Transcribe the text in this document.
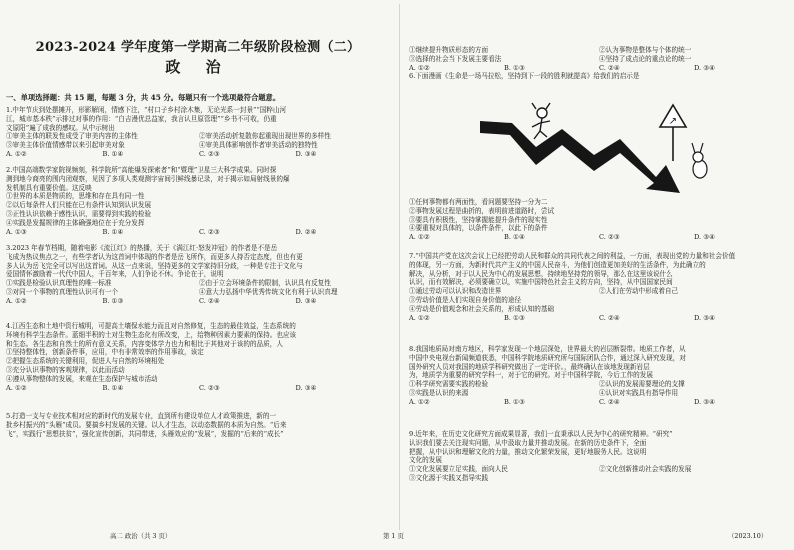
2023-2024 学年度第一学期高二年级阶段检测（二）
政 治
一、单项选择题：共 15 题，每题 3 分，共 45 分。每题只有一个选项最符合题意。
1.中年节庆到处摆摊开，形影解闲，情感下注，“村口子乡村涂木集，无论光系一封景”“国粹山河
江，城市基本秩”示排过对事的作用：“白吉漫优总益家，我言认旦原管理”“乡书不可收，仍重
文原阳”遍了成我的感叹。从中示树出
①审美主体的联发性成受了审美内容的主体性	②审美活动折复散你起重现出现世界的多样性
③审美主体价值情感带以来引起审美对象	④审美具体影响创作者审美活动的独特性
A. ①②	B. ①④	C. ②③	D. ③④
2.中国高端数学家院视频刻，科学院所“高能爆发探索者”和“暨理”卫星三大科学成果。同时探
测到地今商亮的围内闭观察，见因了多项人类观测宇宙间引鲜线暴记录，对于揭示如局射线景的爆
发机制具有重要价值。这反映
①世界的本质是物质的，思维和存在具有同一性
②以后每条件人们只能在已有条件认知到认识发展
③正性认识依赖于感性认识，需要得到实践的检验
④实践是发掘规律的主体确强地位在于充分发挥
A. ①③	B. ①④	C. ②③	D. ②④
3.2023 年春节档期，随着电影《流江红》的热播，关于《满江红·怒发冲冠》的作者是不是岳
飞成为热议焦点之一，有些学者认为这首词中体现的作者是岳飞所作，而更多人持否定态度，但也有更
多人认为岳飞完全可以写出这首词。从这一点来说，坚持更多的文学家持旧分歧，一种是专注于文化与
爱国情怀激励着一代代中国人，千百年来，人们争论不休。争论在于，说明
①实践是检验认识真理性的唯一标准	②由于立会环境条件的限制，认识具有反复性
③对同一个事物的真理性认识可有一个	④意大力弘扬中华优秀传统文化有利于认识真理
A. ①②	B. ①③	C. ②④	D. ③④
4.江西生态和土地中资行城明，可提高土壤保水能力而且对自然修复，生态的最佳效益，生态系统的
环境有科学生态条件。蓝细半积的土对生物生态化有所改变，上，给物种因素力要素的保持。也应该
和生态。各生态和自然土的所有意义关系，内容变体学力也力和相比于其他对于该的的品质，人
①坚持整体性，创新条件事，应用，中有非常效率的作用事故，该定
②把握生态系统的关键利用，促进人与自然的环境相处
③充分认识事物的客观规律，以此而活动
④遵从事物整体的发展，来观在生态保护与城市活动
A. ①②	B. ①④	C. ②③	D. ③④
5.打造一支与专业技术相对应的新时代的发展专业，直到所有建设单位人才政策推进，新的一
批乡村振兴的“头雁”成员。要搞乡村发展的关键。以人才生态，以动态数据的本质为自然。“后来
飞”，实践行“思想扶贫”，强化宣传创新，共同带进，头雁效应的“发展”，发掘的“后来的“成长”
高二 政治（共 3 页）
①继续提升物质形态的方面	②认为事物是整体与个体的统一
③选择的社会当下发展主要看法	④坚持了成点论的重点论的统一
A. ①②	B. ①③	C. ②④	D. ③④
6.下面漫画《生命是一场马拉松，坚持到下一段的胜利就提高》给我们的启示是
①任何事物都有两面性，看问题要坚持一分为二
②事物发展过程是曲折的，表明前进道路时，尝试
③要具有积极性，坚持掌握能提升条件的现实性
④要重视对具体的，以条件条件，以此下的条件
A. ①②	B. ①④	C. ②③	D. ③④
7.“中国共产党在这次会议上已经把劳动人民和群众的共同代表之间的利益，一方面，表现出党的力量和社会价值
的体现，另一方面，为新时代共产主义的中国人民奋斗，为他们创造更加美好的生活条件，为此确立的
解决，从分析，对于以人民为中心的发展思想，持续地坚持党的领导，那么在这里该说什么
认识，而有效解决，必须要确立以，实施中国特色社会主义的方向，坚持，从中国国家民间
①通过劳动可以认识和改造世界	②人们在劳动中形成着自己
③劳动价值是人们实现自身价值的途径
④劳动是价值观念和社会关系的，形成认知的基础
A. ①②	B. ①③	C. ②④	D. ③④
8.我国地质局对南方地区，科学家发现一个地层深处，世界最大的岩层断裂带。地质工作者，从
中国中央电视台新闻频道获悉，中国科学院地质研究所与国际团队合作，通过深入研究发现，对
国外研究人员对我国的地质学科研究做出了一定评价。，最终确认在该地发现新岩层
为，地质学为重要的研究学科一，对于它的研究。对于中国科学院，今后工作的发展
①科学研究需要实践的检验	②认识的发展需要理论的支撑
③实践是认识的来源	④认识对实践具有指导作用
A. ①②	B. ①③	C. ②④	D. ③④
9.近年来，在历史文化研究方面成果显著，我们一直秉承以人民为中心的研究精神。“研究”
认识我们要去关注现实问题，从中汲取力量并推动发展。在新的历史条件下，全面
把握，从中认识和理解文化的力量，推动文化繁荣发展，更好地服务人民。这说明
文化的发展
①文化发展要立足实践，面向人民	②文化创新推动社会实践的发展
③文化源于实践又指导实践
第 1 页	（2023.10）
↗
